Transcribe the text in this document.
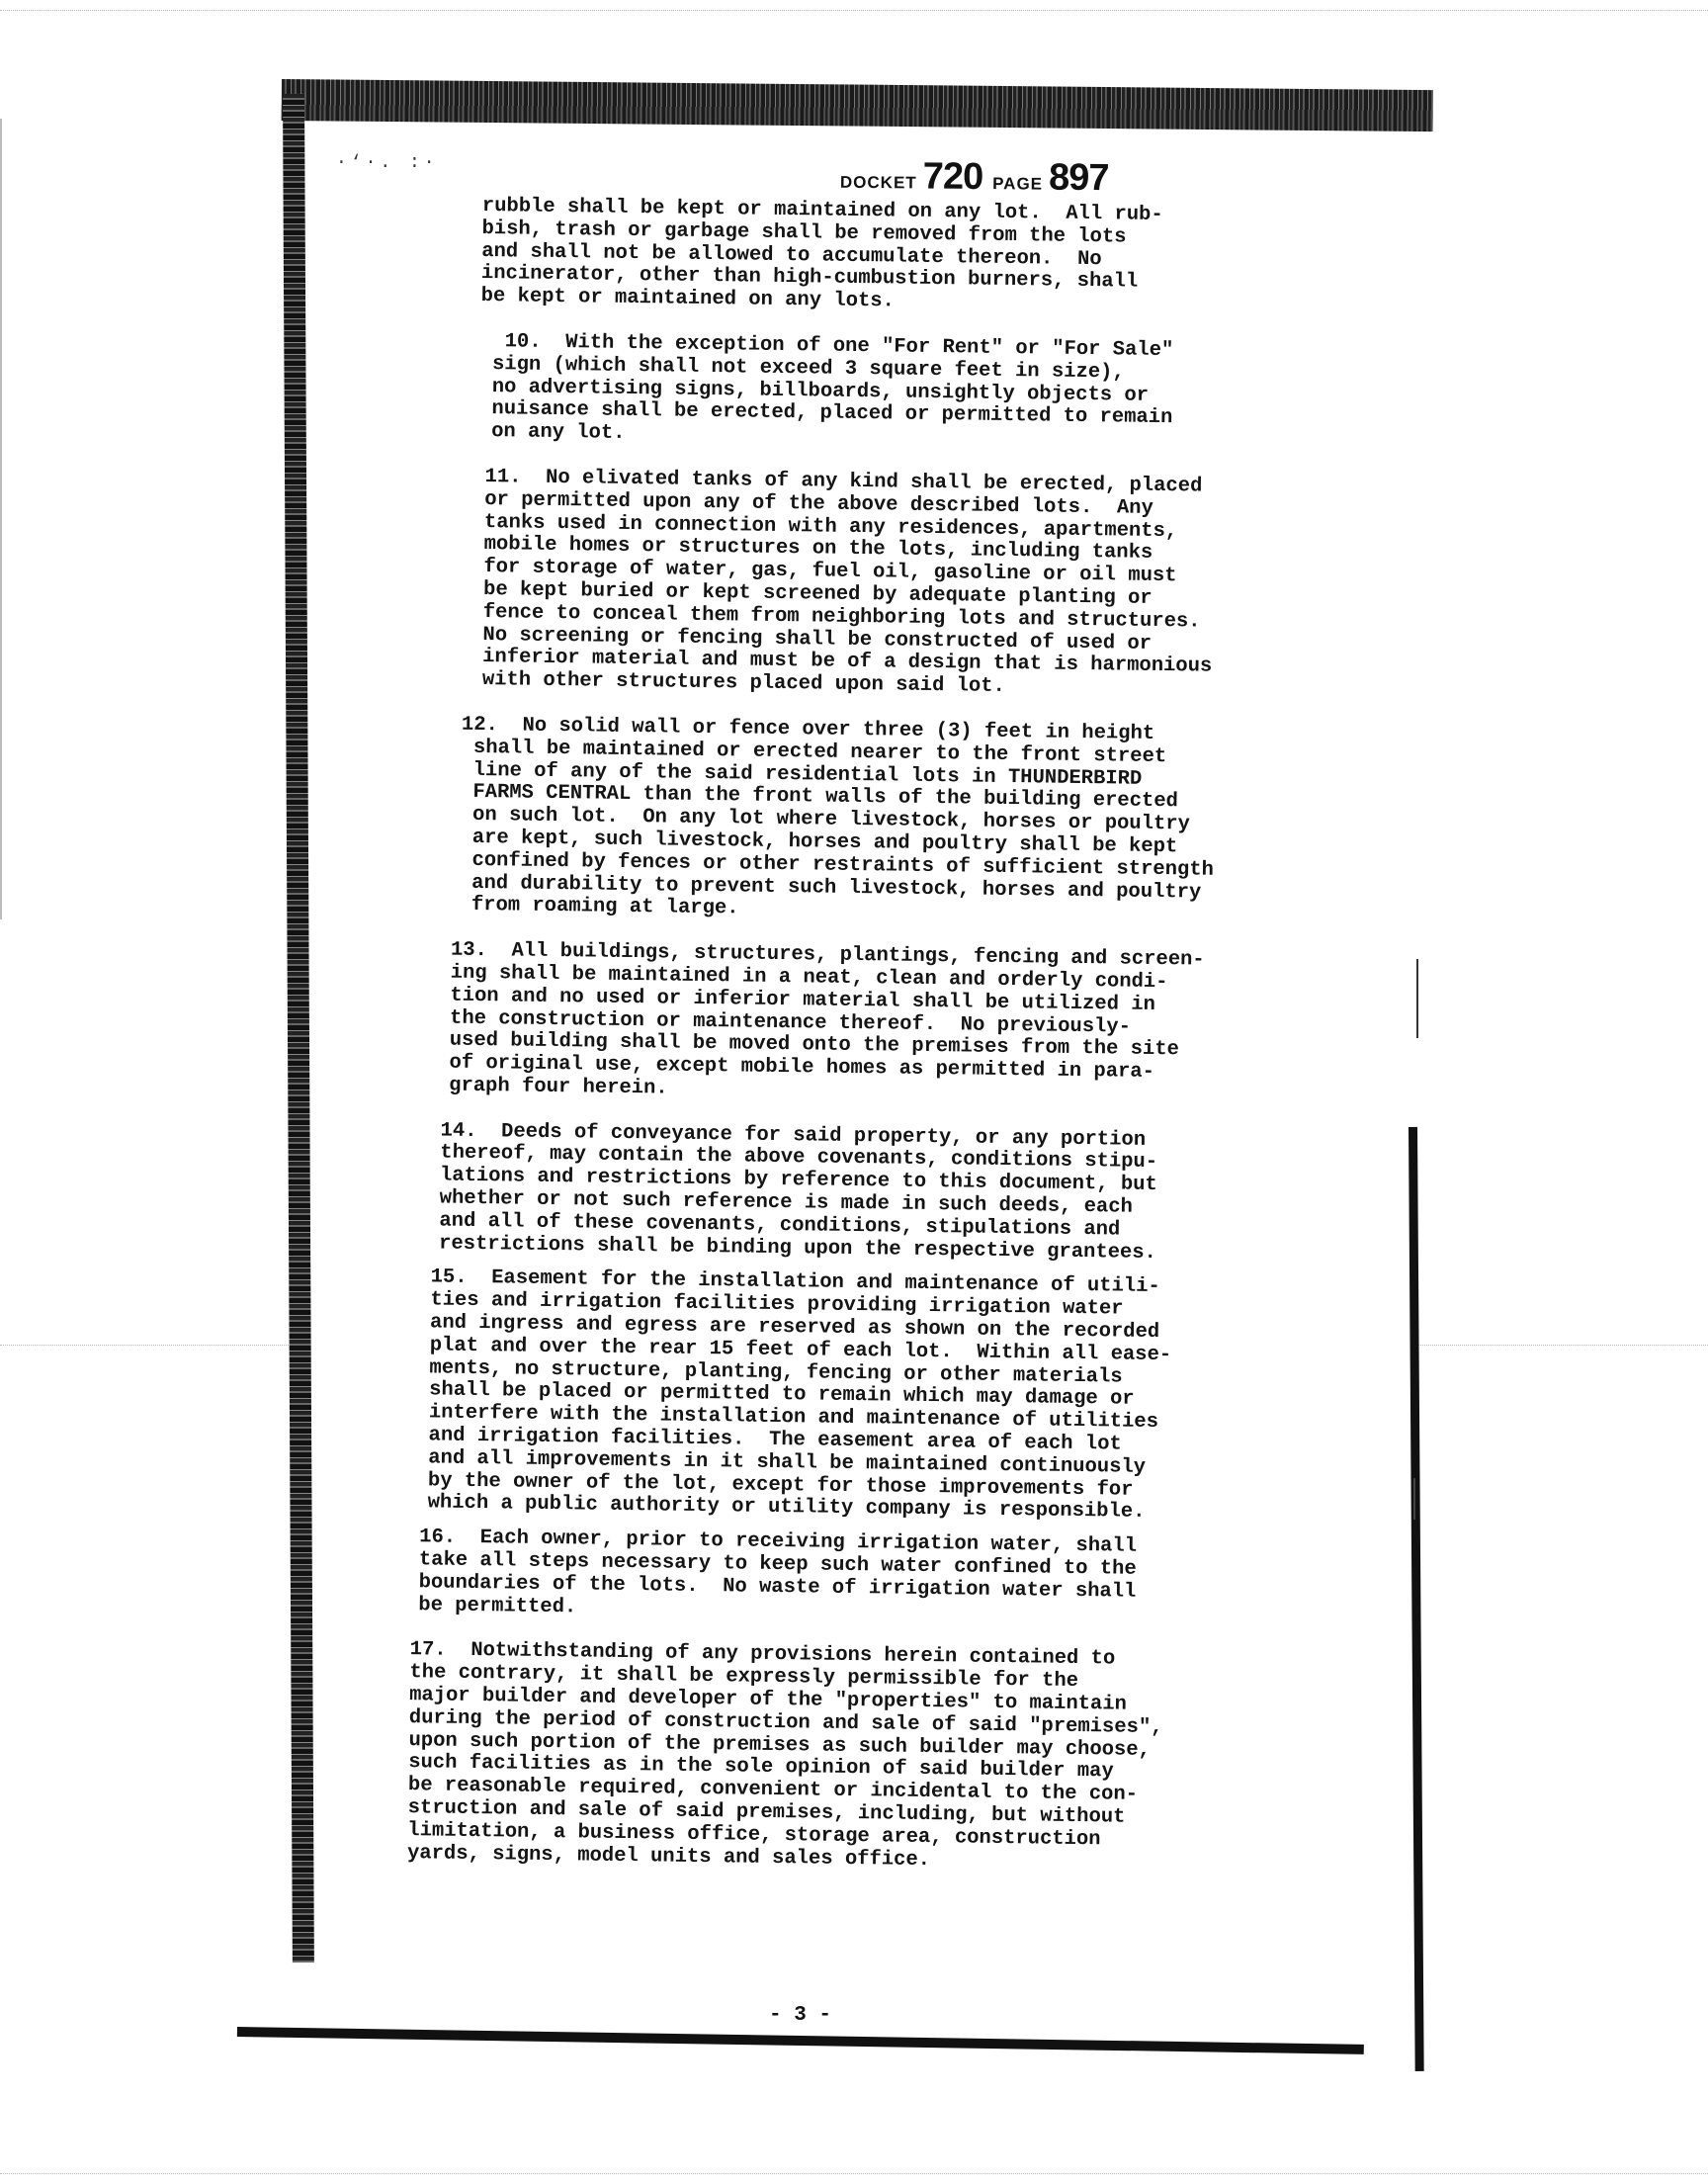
·‘·. :·
DOCKET 720 PAGE 897
rubble shall be kept or maintained on any lot.  All rub-
bish, trash or garbage shall be removed from the lots
and shall not be allowed to accumulate thereon.  No
incinerator, other than high-cumbustion burners, shall
be kept or maintained on any lots.
10.  With the exception of one "For Rent" or "For Sale"
sign (which shall not exceed 3 square feet in size),
no advertising signs, billboards, unsightly objects or
nuisance shall be erected, placed or permitted to remain
on any lot.
11.  No elivated tanks of any kind shall be erected, placed
or permitted upon any of the above described lots.  Any
tanks used in connection with any residences, apartments,
mobile homes or structures on the lots, including tanks
for storage of water, gas, fuel oil, gasoline or oil must
be kept buried or kept screened by adequate planting or
fence to conceal them from neighboring lots and structures.
No screening or fencing shall be constructed of used or
inferior material and must be of a design that is harmonious
with other structures placed upon said lot.
12.  No solid wall or fence over three (3) feet in height
shall be maintained or erected nearer to the front street
line of any of the said residential lots in THUNDERBIRD
FARMS CENTRAL than the front walls of the building erected
on such lot.  On any lot where livestock, horses or poultry
are kept, such livestock, horses and poultry shall be kept
confined by fences or other restraints of sufficient strength
and durability to prevent such livestock, horses and poultry
from roaming at large.
13.  All buildings, structures, plantings, fencing and screen-
ing shall be maintained in a neat, clean and orderly condi-
tion and no used or inferior material shall be utilized in
the construction or maintenance thereof.  No previously-
used building shall be moved onto the premises from the site
of original use, except mobile homes as permitted in para-
graph four herein.
14.  Deeds of conveyance for said property, or any portion
thereof, may contain the above covenants, conditions stipu-
lations and restrictions by reference to this document, but
whether or not such reference is made in such deeds, each
and all of these covenants, conditions, stipulations and
restrictions shall be binding upon the respective grantees.
15.  Easement for the installation and maintenance of utili-
ties and irrigation facilities providing irrigation water
and ingress and egress are reserved as shown on the recorded
plat and over the rear 15 feet of each lot.  Within all ease-
ments, no structure, planting, fencing or other materials
shall be placed or permitted to remain which may damage or
interfere with the installation and maintenance of utilities
and irrigation facilities.  The easement area of each lot
and all improvements in it shall be maintained continuously
by the owner of the lot, except for those improvements for
which a public authority or utility company is responsible.
16.  Each owner, prior to receiving irrigation water, shall
take all steps necessary to keep such water confined to the
boundaries of the lots.  No waste of irrigation water shall
be permitted.
17.  Notwithstanding of any provisions herein contained to
the contrary, it shall be expressly permissible for the
major builder and developer of the "properties" to maintain
during the period of construction and sale of said "premises",
upon such portion of the premises as such builder may choose,
such facilities as in the sole opinion of said builder may
be reasonable required, convenient or incidental to the con-
struction and sale of said premises, including, but without
limitation, a business office, storage area, construction
yards, signs, model units and sales office.
- 3 -
